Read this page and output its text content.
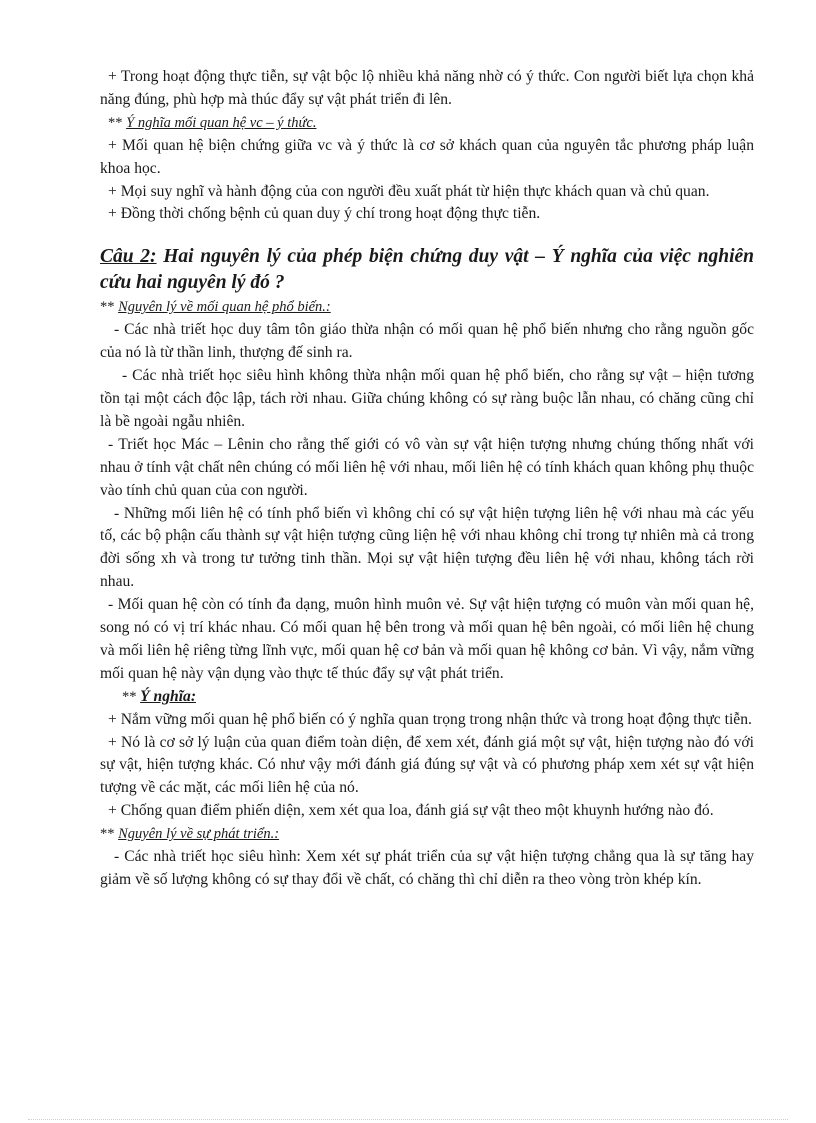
+ Trong hoạt động thực tiễn, sự vật bộc lộ nhiều khả năng nhờ có ý thức. Con người biết lựa chọn khả năng đúng, phù hợp mà thúc đẩy sự vật phát triển đi lên.

** Ý nghĩa mối quan hệ vc – ý thức.

+ Mối quan hệ biện chứng giữa vc và ý thức là cơ sở khách quan của nguyên tắc phương pháp luận khoa học.

+ Mọi suy nghĩ và hành động của con người đều xuất phát từ hiện thực khách quan và chủ quan.

+ Đồng thời chống bệnh củ quan duy ý chí trong hoạt động thực tiễn.

Câu 2: Hai nguyên lý của phép biện chứng duy vật – Ý nghĩa của việc nghiên cứu hai nguyên lý đó ?

** Nguyên lý về mối quan hệ phổ biến.:

- Các nhà triết học duy tâm tôn giáo thừa nhận có mối quan hệ phổ biến nhưng cho rằng nguồn gốc của nó là từ thần linh, thượng đế sinh ra.

- Các nhà triết học siêu hình không thừa nhận mối quan hệ phổ biến, cho rằng sự vật – hiện tương tồn tại một cách độc lập, tách rời nhau. Giữa chúng không có sự ràng buộc lẫn nhau, có chăng cũng chỉ là bề ngoài ngẫu nhiên.

- Triết học Mác – Lênin cho rằng thế giới có vô vàn sự vật hiện tượng nhưng chúng thống nhất với nhau ở tính vật chất nên chúng có mối liên hệ với nhau, mối liên hệ có tính khách quan không phụ thuộc vào tính chủ quan của con người.

- Những mối liên hệ có tính phổ biến vì không chỉ có sự vật hiện tượng liên hệ với nhau mà các yếu tố, các bộ phận cấu thành sự vật hiện tượng cũng liện hệ với nhau không chỉ trong tự nhiên mà cả trong đời sống xh và trong tư tưởng tinh thần. Mọi sự vật hiện tượng đều liên hệ với nhau, không tách rời nhau.

- Mối quan hệ còn có tính đa dạng, muôn hình muôn vẻ. Sự vật hiện tượng có muôn vàn mối quan hệ, song nó có vị trí khác nhau. Có mối quan hệ bên trong và mối quan hệ bên ngoài, có mối liên hệ chung và mối liên hệ riêng từng lĩnh vực, mối quan hệ cơ bản và mối quan hệ không cơ bản. Vì vậy, nắm vững mối quan hệ này vận dụng vào thực tế thúc đẩy sự vật phát triển.

** Ý nghĩa:

+ Nắm vững mối quan hệ phổ biến có ý nghĩa quan trọng trong nhận thức và trong hoạt động thực tiễn.

+ Nó là cơ sở lý luận của quan điểm toàn diện, để xem xét, đánh giá một sự vật, hiện tượng nào đó với sự vật, hiện tượng khác. Có như vậy mới đánh giá đúng sự vật và có phương pháp xem xét sự vật hiện tượng về các mặt, các mối liên hệ của nó.

+ Chống quan điểm phiến diện, xem xét qua loa, đánh giá sự vật theo một khuynh hướng nào đó.

** Nguyên lý về sự phát triển.:

- Các nhà triết học siêu hình: Xem xét sự phát triển của sự vật hiện tượng chẳng qua là sự tăng hay giảm về số lượng không có sự thay đổi về chất, có chăng thì chỉ diễn ra theo vòng tròn khép kín.
